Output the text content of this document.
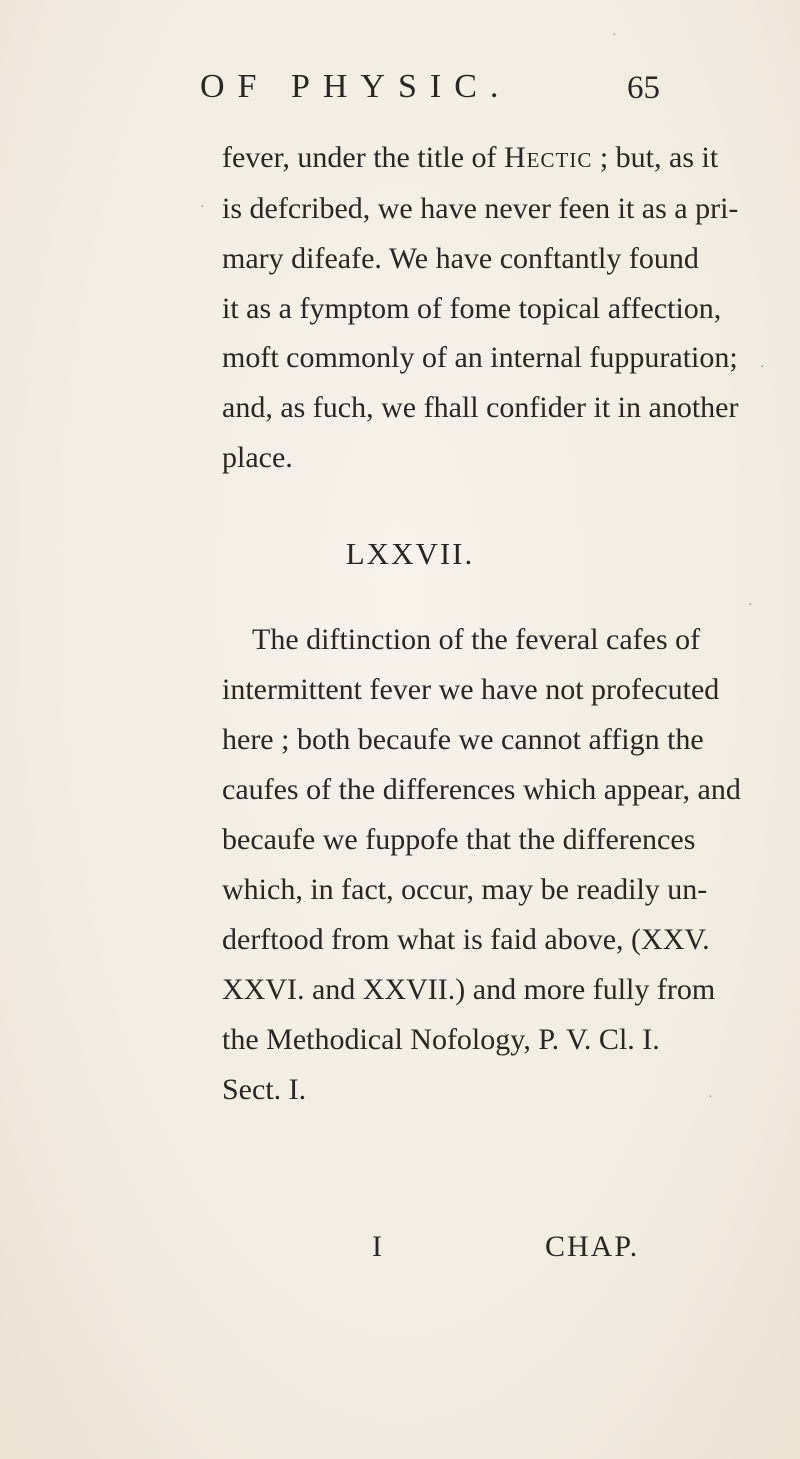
OF PHYSIC.	65
fever, under the title of Hectic ; but, as it
is defcribed, we have never feen it as a pri-
mary difeafe. We have conftantly found
it as a fymptom of fome topical affection,
moft commonly of an internal fuppuration;
and, as fuch, we fhall confider it in another
place.
LXXVII.
The diftinction of the feveral cafes of
intermittent fever we have not profecuted
here ; both becaufe we cannot affign the
caufes of the differences which appear, and
becaufe we fuppofe that the differences
which, in fact, occur, may be readily un-
derftood from what is faid above, (XXV.
XXVI. and XXVII.) and more fully from
the Methodical Nofology, P. V. Cl. I.
Sect. I.
I	CHAP.
·
·
·
·
·
